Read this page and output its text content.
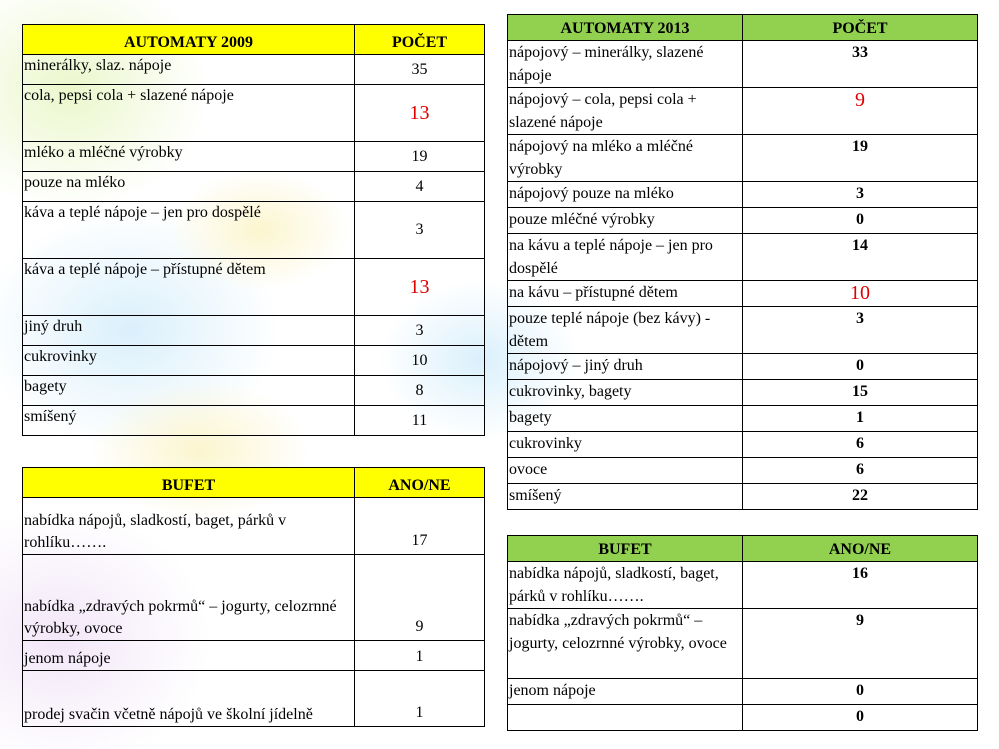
AUTOMATY 2009	POČET
minerálky, slaz. nápoje	35
cola, pepsi cola + slazené nápoje	13
mléko a mléčné výrobky	19
pouze na mléko	4
káva a teplé nápoje – jen pro dospělé	3
káva a teplé nápoje – přístupné dětem	13
jiný druh	3
cukrovinky	10
bagety	8
smíšený	11
BUFET	ANO/NE
nabídka nápojů, sladkostí, baget, párků v rohlíku…….	17
nabídka „zdravých pokrmů“ – jogurty, celozrnné výrobky, ovoce	9
jenom nápoje	1
prodej svačin včetně nápojů ve školní jídelně	1
AUTOMATY 2013	POČET
nápojový – minerálky, slazené nápoje	33
nápojový – cola, pepsi cola + slazené nápoje	9
nápojový na mléko a mléčné výrobky	19
nápojový pouze na mléko	3
pouze mléčné výrobky	0
na kávu a teplé nápoje – jen pro dospělé	14
na kávu – přístupné dětem	10
pouze teplé nápoje (bez kávy) - dětem	3
nápojový – jiný druh	0
cukrovinky, bagety	15
bagety	1
cukrovinky	6
ovoce	6
smíšený	22
BUFET	ANO/NE
nabídka nápojů, sladkostí, baget, párků v rohlíku…….	16
nabídka „zdravých pokrmů“ – jogurty, celozrnné výrobky, ovoce	9
jenom nápoje	0
	0
